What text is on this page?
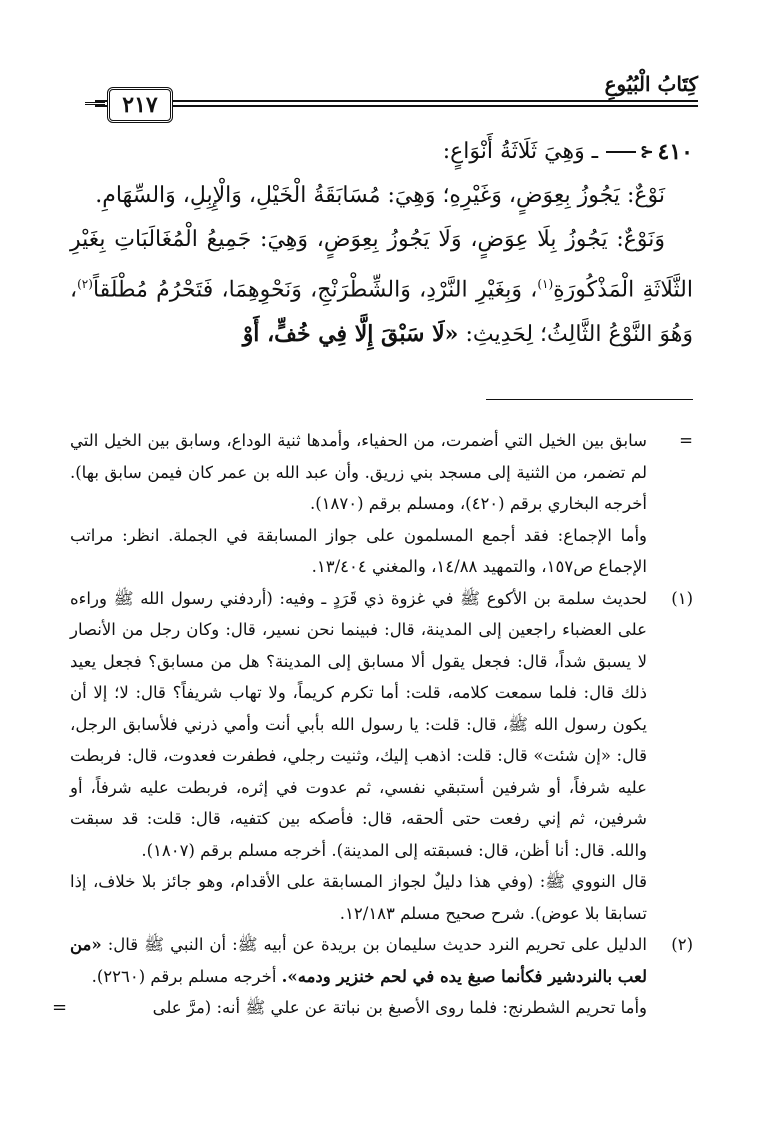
كِتَابُ الْبُيُوعِ
٢١٧

٤١٠
⊰
ـ وَهِيَ ثَلَاثَةُ أَنْوَاعٍ:

نَوْعٌ: يَجُوزُ بِعِوَضٍ، وَغَيْرِهِ؛ وَهِيَ: مُسَابَقَةُ الْخَيْلِ، وَالْإِبِلِ، وَالسِّهَامِ.

وَنَوْعٌ: يَجُوزُ بِلَا عِوَضٍ، وَلَا يَجُوزُ بِعِوَضٍ، وَهِيَ: جَمِيعُ الْمُغَالَبَاتِ بِغَيْرِ الثَّلَاثَةِ الْمَذْكُورَةِ$^{(١)}$، وَبِغَيْرِ النَّرْدِ، وَالشِّطْرَنْجِ، وَنَحْوِهِمَا، فَتَحْرُمُ مُطْلَقاً$^{(٢)}$، وَهُوَ النَّوْعُ الثَّالِثُ؛ لِحَدِيثِ: «لَا سَبْقَ إِلَّا فِي خُفٍّ، أَوْ

=
سابق بين الخيل التي أضمرت، من الحفياء، وأمدها ثنية الوداع، وسابق بين الخيل التي لم تضمر، من الثنية إلى مسجد بني زريق. وأن عبد الله بن عمر كان فيمن سابق بها). أخرجه البخاري برقم (٤٢٠)، ومسلم برقم (١٨٧٠).

وأما الإجماع: فقد أجمع المسلمون على جواز المسابقة في الجملة. انظر: مراتب الإجماع ص١٥٧، والتمهيد ١٤/٨٨، والمغني ١٣/٤٠٤.

(١)
لحديث سلمة بن الأكوع ﷺ في غزوة ذي قَرَدٍ ـ وفيه: (أردفني رسول الله ﷺ وراءه على العضباء راجعين إلى المدينة، قال: فبينما نحن نسير، قال: وكان رجل من الأنصار لا يسبق شداً، قال: فجعل يقول ألا مسابق إلى المدينة؟ هل من مسابق؟ فجعل يعيد ذلك قال: فلما سمعت كلامه، قلت: أما تكرم كريماً، ولا تهاب شريفاً؟ قال: لا؛ إلا أن يكون رسول الله ﷺ، قال: قلت: يا رسول الله بأبي أنت وأمي ذرني فلأسابق الرجل، قال: «إن شئت» قال: قلت: اذهب إليك، وثنيت رجلي، فطفرت فعدوت، قال: فربطت عليه شرفاً، أو شرفين أستبقي نفسي، ثم عدوت في إثره، فربطت عليه شرفاً، أو شرفين، ثم إني رفعت حتى ألحقه، قال: فأصكه بين كتفيه، قال: قلت: قد سبقت والله. قال: أنا أظن، قال: فسبقته إلى المدينة). أخرجه مسلم برقم (١٨٠٧).

قال النووي ﷺ: (وفي هذا دليلٌ لجواز المسابقة على الأقدام، وهو جائز بلا خلاف، إذا تسابقا بلا عوض). شرح صحيح مسلم ١٢/١٨٣.

(٢)
الدليل على تحريم النرد حديث سليمان بن بريدة عن أبيه ﷺ: أن النبي ﷺ قال: «من لعب بالنردشير فكأنما صبغ يده في لحم خنزير ودمه». أخرجه مسلم برقم (٢٢٦٠).

وأما تحريم الشطرنج: فلما روى الأصبغ بن نباتة عن علي ﷺ أنه: (مرَّ على
=
